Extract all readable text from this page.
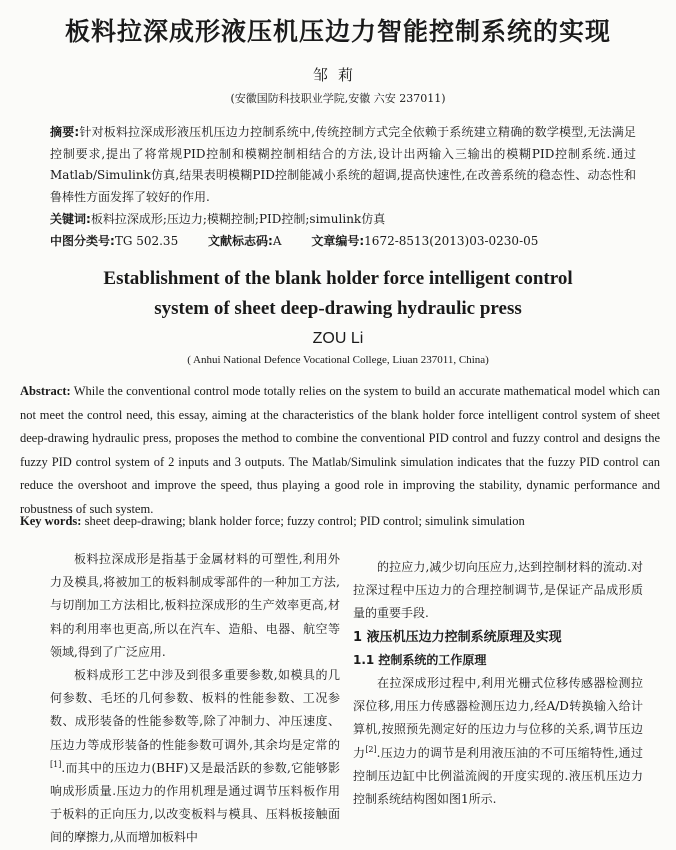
板料拉深成形液压机压边力智能控制系统的实现
邹莉
(安徽国防科技职业学院,安徽 六安 237011)
摘要:针对板料拉深成形液压机压边力控制系统中,传统控制方式完全依赖于系统建立精确的数学模型,无法满足控制要求,提出了将常规PID控制和模糊控制相结合的方法,设计出两输入三输出的模糊PID控制系统.通过Matlab/Simulink仿真,结果表明模糊PID控制能减小系统的超调,提高快速性,在改善系统的稳态性、动态性和鲁棒性方面发挥了较好的作用.
关键词:板料拉深成形;压边力;模糊控制;PID控制;simulink仿真
中图分类号:TG 502.35 文献标志码:A 文章编号:1672-8513(2013)03-0230-05
Establishment of the blank holder force intelligent control
system of sheet deep-drawing hydraulic press
ZOU Li
( Anhui National Defence Vocational College, Liuan 237011, China)
Abstract: While the conventional control mode totally relies on the system to build an accurate mathematical model which can not meet the control need, this essay, aiming at the characteristics of the blank holder force intelligent control system of sheet deep-drawing hydraulic press, proposes the method to combine the conventional PID control and fuzzy control and designs the fuzzy PID control system of 2 inputs and 3 outputs. The Matlab/Simulink simulation indicates that the fuzzy PID control can reduce the overshoot and improve the speed, thus playing a good role in improving the stability, dynamic performance and robustness of such system.
Key words: sheet deep-drawing; blank holder force; fuzzy control; PID control; simulink simulation

板料拉深成形是指基于金属材料的可塑性,利用外力及模具,将被加工的板料制成零部件的一种加工方法,与切削加工方法相比,板料拉深成形的生产效率更高,材料的利用率也更高,所以在汽车、造船、电器、航空等领域,得到了广泛应用.

板料成形工艺中涉及到很多重要参数,如模具的几何参数、毛坯的几何参数、板料的性能参数、工况参数、成形装备的性能参数等,除了冲制力、冲压速度、压边力等成形装备的性能参数可调外,其余均是定常的[1].而其中的压边力(BHF)又是最活跃的参数,它能够影响成形质量.压边力的作用机理是通过调节压料板作用于板料的正向压力,以改变板料与模具、压料板接触面间的摩擦力,从而增加板料中

的拉应力,减少切向压应力,达到控制材料的流动.对拉深过程中压边力的合理控制调节,是保证产品成形质量的重要手段.

1 液压机压边力控制系统原理及实现

1.1 控制系统的工作原理

在拉深成形过程中,利用光栅式位移传感器检测拉深位移,用压力传感器检测压边力,经A/D转换输入给计算机,按照预先测定好的压边力与位移的关系,调节压边力[2].压边力的调节是利用液压油的不可压缩特性,通过控制压边缸中比例溢流阀的开度实现的.液压机压边力控制系统结构图如图1所示.
